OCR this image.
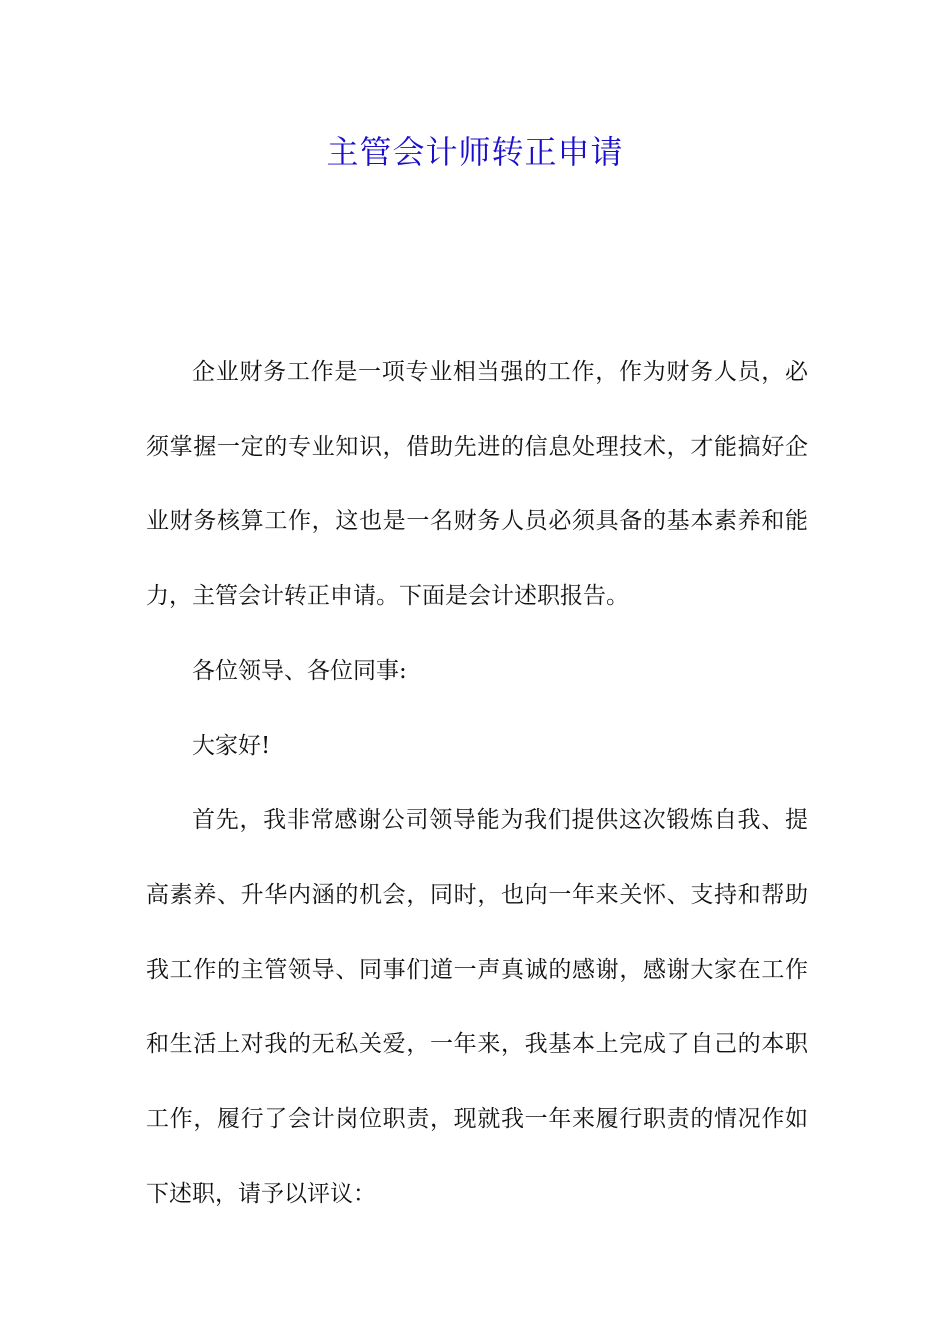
主管会计师转正申请

企业财务工作是一项专业相当强的工作，作为财务人员，必须掌握一定的专业知识，借助先进的信息处理技术，才能搞好企业财务核算工作，这也是一名财务人员必须具备的基本素养和能力，主管会计转正申请。下面是会计述职报告。

各位领导、各位同事:

大家好!

首先，我非常感谢公司领导能为我们提供这次锻炼自我、提高素养、升华内涵的机会，同时，也向一年来关怀、支持和帮助我工作的主管领导、同事们道一声真诚的感谢，感谢大家在工作和生活上对我的无私关爱，一年来，我基本上完成了自己的本职工作，履行了会计岗位职责，现就我一年来履行职责的情况作如下述职，请予以评议：
